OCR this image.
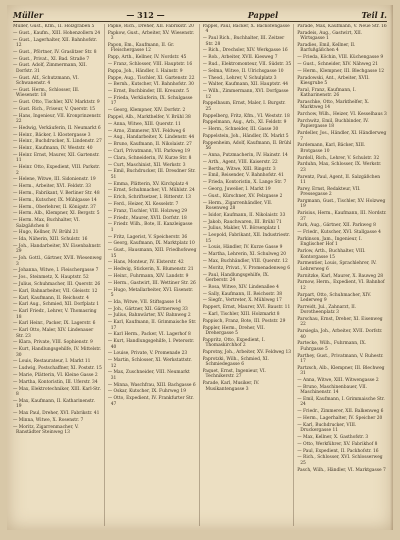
Müller	— 312 —	Pappel	Teil I.

Müller, Gust., Kfm., II. Holzgraben 5

— Gust., Kaufm., XIII. Hohenzollern 24

— Gust., Lagerhalter, XII. Bahnhofstr. 12

— Gust., Pförtner, IV. Graslitzer Str. 8

— Gust., Privat., XI. Bad. Straße 7

— Gust. Adolf, Zimmermann, XII. Dorfstr. 31

— Gust. Alf., Schutzmann, VI. Schwanenstr. 4

— Gust. Herm., Schlosser, III. Wiesenstr. 18

— Gust. Otto, Tischler, XIV. Marktstr. 9

— Gust. Rich., Friseur, V. Querstr. 15

— Hans, Ingenieur, VII. Kronprinzenstr. 22

— Hedwig, Verkäuferin, II. Neumarkt 6

— Heinr., Bäcker, I. Klostergasse 3

— Heinr., Buchdrucker, X. Lindenstr. 27

— Heinr., Kaufmann, IV. Weststr. 40

— Heinr. Ernst, Maurer, XII. Gartenstr. 11

— Heinr. Otto, Expedient, VIII. Parkstr. 2

— Helene, Witwe, III. Sidonienstr. 19

— Herm., Arbeiter, XVI. Feldstr. 33

— Herm., Fabrikant, V. Berliner Str. 48

— Herm., Kutscher, IX. Mühlgasse 14

— Herm., Oberlehrer, II. Königstr. 37

— Herm. Alb., Klempner, XI. Bergstr. 5

— Herm. Max, Buchhalter, VI. Salzgäßchen 8

— Hugo, Kellner, IV. Brühl 21

— Ida, Näherin, XIII. Schulstr. 16

— Joh., Handarbeiter, XV. Eisenbahnstr. 29

— Joh. Gottl., Gärtner, XVII. Wiesenweg 3

— Johanna, Witwe, I. Fleischergasse 7

— Jos., Steinmetz, X. Hauptstr. 52

— Julius, Schuhmacher, III. Querstr. 26

— Karl, Bahnarbeiter, VII. Gleisstr. 12

— Karl, Kaufmann, II. Reichsstr. 4

— Karl Aug., Schmied, XII. Dorfplatz 1

— Karl Friedr., Lehrer, V. Thomasring 18

— Karl Heinr., Packer, IX. Lagerstr. 6

— Karl Otto, Maler, XIV. Lindenauer Str. 23

— Klara, Private, VIII. Sophienstr. 9

— Kurt, Handlungsgehilfe, IV. Mittelstr. 30

— Louis, Restaurateur, I. Markt 11

— Ludwig, Postschaffner, XI. Poststr. 15

— Marie, Plätterin, VI. Kleine Gasse 2

— Martha, Kontoristin, III. Uferstr. 34

— Max, Elektrotechniker, XIII. Karl-Str. 8

— Max, Kaufmann, II. Katharinenstr. 19

— Max Paul, Dreher, XVI. Fabrikstr. 41

— Minna, Witwe, X. Rosenstr. 7

— Moritz, Zigarrenmacher, V. Ranstädter Steinweg 13

Papke, Rich., Dreher, XII. Fabrikstr. 20

Papkow, Gust., Arbeiter, XV. Wiesenstr. 3

Papon, Em., Kaufmann, II. Gr. Fleischergasse 12

Papp, Arth., Kellner, IV. Nordstr. 45

— Franz, Schlosser, VIII. Hauptstr. 16

Pappa, Joh., Händler, I. Hainstr. 9

Pappe, Aug., Tischler, XI. Gartenstr. 22

— Bernh., Kutscher, VI. Bahnhofstr. 30

— Ernst, Buchbinder, III. Kreuzstr. 5

— Frieda, Verkäuferin, IX. Schulgasse 17

— Georg, Klempner, XIV. Dorfstr. 2

Pappel, Alb., Markthelfer, V. Brühl 38

— Anna, Witwe, XIII. Querstr. 11

— Arno, Zimmerer, XVI. Feldweg 6

— Aug., Handarbeiter, X. Lindenstr. 44

— Bruno, Kaufmann, II. Nikolaistr. 27

— Carl, Privatmann, VII. Parkweg 19

— Clara, Schneiderin, IV. Kurze Str. 8

— Curt, Maschinist, XII. Werkstr. 3

— Emil, Buchdrucker, III. Dresdner Str. 51

— Emma, Plätterin, XV. Kirchplatz 4

— Ernst, Schuhmacher, VI. Mühlstr. 24

— Erich, Schriftsetzer, I. Ritterstr. 13

— Ferd., Heizer, XI. Kesselstr. 7

— Franz, Tischler, VIII. Holzweg 29

— Friedr., Maurer, XVII. Dorfstr. 18

— Friedr. Wilh., Bote, II. Kanzleigasse 1

— Fritz, Lagerist, V. Speicherstr. 36

— Georg, Kaufmann, IX. Marktplatz 10

— Gust., Hausmann, XIII. Friedhofsweg 15

— Hans, Monteur, IV. Elsterstr. 42

— Hedwig, Stickerin, X. Blumenstr. 21

— Heinr., Fuhrmann, XIV. Landstr. 9

— Herm., Gastwirt, III. Wettiner Str. 26

— Hugo, Metallarbeiter, XVI. Eisenstr. 5

— Ida, Witwe, VII. Stiftsgasse 14

— Joh., Gärtner, XII. Gärtnerweg 33

— Julius, Bahnwärter, XV. Bahnweg 2

— Karl, Kaufmann, II. Grimmaische Str. 17

— Karl Herm., Packer, VI. Lagerhof 8

— Kurt, Handlungsgehilfe, I. Petersstr. 40

— Louise, Private, V. Promenade 23

— Martin, Schlosser, XI. Werkstattstr. 12

— Max, Zuschneider, VIII. Neumarkt 31

— Minna, Waschfrau, XIII. Bachgasse 6

— Oskar, Kutscher, IX. Fuhrweg 19

— Otto, Expedient, IV. Frankfurter Str. 47

Pappel, Paul, Bäcker, X. Backofengasse 4

— Paul Rich., Buchhalter, III. Zeitzer Str. 28

— Rich., Drechsler, XIV. Werkgasse 16

— Rob., Arbeiter, XVII. Kiesweg 7

— Rud., Elektromonteur, VII. Südstr. 35

— Selma, Witwe, II. Ulrichsgasse 10

— Theod., Lehrer, V. Schulplatz 3

— Walter, Kaufmann, XII. Hauptstr. 44

— Wilh., Zimmermann, XVI. Dorfgasse 12

Pappelbaum, Ernst, Maler, I. Burgstr. 25

Pappelberg, Fritz, Kfm., VI. Weststr. 18

Pappelmann, Aug., Arb., XI. Feldstr. 9

— Herm., Schneider, III. Gasse 30

Pappelstein, Joh., Händler, IX. Markt 5

Pappenheim, Adolf, Kaufmann, II. Brühl 56

— Anna, Putzmacherin, IV. Hainstr. 14

— Arth., Agent, VIII. Kaiserstr. 22

— Bertha, Witwe, XIII. Ringstr. 3

— Emil, Reisender, V. Bahnhofstr. 41

— Frieda, Kontoristin, X. Lange Str. 7

— Georg, Juwelier, I. Markt 19

— Gust., Kürschner, XV. Pelzgasse 2

— Herm., Zigarrenhändler, VII. Rosenweg 28

— Isidor, Kaufmann, II. Nikolaistr. 33

— Jakob, Rauchwaren, III. Brühl 71

— Julius, Makler, VI. Börsenplatz 1

— Leopold, Fabrikant, XII. Industriestr. 15

— Louis, Händler, IV. Kurze Gasse 9

— Martha, Lehrerin, XI. Schulweg 20

— Max, Buchhändler, VIII. Querstr. 12

— Moritz, Privat., V. Promenadenweg 6

— Paul, Handlungsgehilfe, IX. Gerberstr. 24

— Rosa, Witwe, XIV. Lindenallee 4

— Sally, Kaufmann, II. Reichsstr. 38

— Siegfr., Vertreter, X. Mühlweg 17

Pappert, Ernst, Maurer, XVI. Baustr. 11

— Karl, Tischler, XIII. Holzmarkt 8

Pappisch, Franz, Bote, III. Poststr. 29

Pappler, Herm., Dreher, VII. Drehergasse 5

Pappritz, Otto, Expedient, I. Thomaskirchhof 2

Paprotny, Joh., Arbeiter, XV. Feldweg 13

Paprotzki, Wilh., Schmied, XI. Schmiedegasse 6

Paquet, Ernst, Ingenieur, VI. Technikerstr. 27

Parade, Karl, Musiker, IV. Musikantengasse 3

Parade, Max, Kaufmann, V. Neue Str. 16

Paradeis, Aug., Gastwirt, XII. Wirtsgasse 1

Paradies, Emil, Kellner, II. Barfußgäßchen 4

— Frieda, Köchin, VIII. Küchengasse 9

— Gust., Schneider, XIV. Nähweg 21

— Herm., Klempner, III. Blechgasse 12

Paradowski, Ant., Arbeiter, XVII. Kiesgrube 5

Paral, Franz, Kaufmann, I. Katharinenstr. 26

Paraschke, Otto, Markthelfer, X. Marktweg 14

Parchow, Wilh., Heizer, VI. Kesselhaus 3

Parchwitz, Emil, Buchbinder, IV. Papiergasse 18

Pardeller, Jos., Händler, XI. Händlerweg 7

Pardemann, Karl, Bäcker, XIII. Brotgasse 10

Pardoll, Rich., Lehrer, V. Schulstr. 32

Parduhn, Max, Schlosser, IX. Werkstr. 23

Parentz, Paul, Agent, II. Salzgäßchen 11

Parey, Ernst, Redakteur, VII. Pressegasse 2

Pargmann, Gust., Tischler, XV. Holzweg 19

Parisius, Herm., Kaufmann, III. Nordstr. 37

Park, Aug., Gärtner, XII. Parkweg 8

— Friedr., Kutscher, XVI. Stallgasse 4

Parkinson, Jam., Ingenieur, I. Englischer Hof 1

Parlow, Arth., Buchhalter, VIII. Kontorgasse 15

Parmentier, Louis, Sprachlehrer, IV. Lehrerweg 6

Parnitzke, Karl, Maurer, X. Bauweg 28

Parnow, Herm., Expedient, VI. Bahnhof 12

Parpart, Otto, Schuhmacher, XIV. Lederweg 9

Parreidt, Jul., Zahnarzt, II. Dorotheenplatz 3

Parschau, Ernst, Dreher, XI. Eisenweg 22

Parsiegla, Joh., Arbeiter, XVII. Dorfstr. 40

Partecke, Wilh., Fuhrmann, IX. Fuhrgasse 5

Parthey, Gust., Privatmann, V. Ruhestr. 17

Partzsch, Alb., Klempner, III. Blechweg 31

— Anna, Witwe, XIII. Witwengasse 2

— Bruno, Maschinenbauer, VII. Maschinenstr. 14

— Emil, Kaufmann, I. Grimmaische Str. 24

— Friedr., Zimmerer, XII. Balkenweg 6

— Herm., Lagerhalter, IV. Speicher 20

— Karl, Buchdrucker, VIII. Druckergasse 11

— Max, Kellner, X. Gasthofstr. 3

— Otto, Werkführer, XV. Fabrikhof 8

— Paul, Expedient, II. Packhofstr. 16

— Rich., Schlosser, XVI. Schlosserweg 25

Pasch, Wilh., Händler, VI. Marktgasse 7
